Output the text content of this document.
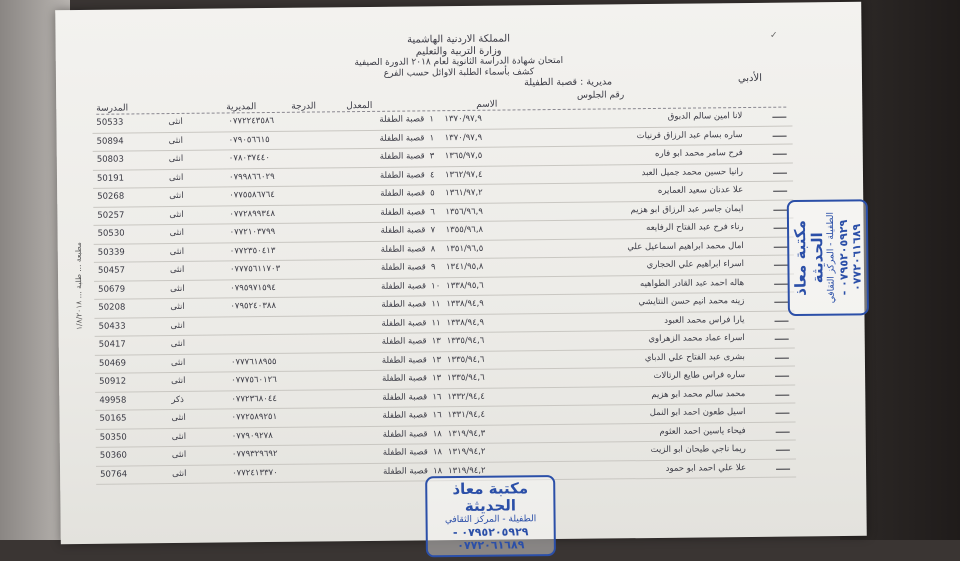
المملكة الاردنية الهاشمية
وزارة التربية والتعليم
امتحان شهادة الدراسة الثانوية لعام ٢٠١٨ الدورة الصيفية
كشف بأسماء الطلبة الاوائل حسب الفرع
✓
الأدبي
مديرية : قصبة الطفيلة
رقم الجلوس
المدرسة	المديرية	الدرجة	المعدل	الاسم
50533	انثى	٠٧٧٢٢٤٣٥٨٦	قصبة الطفلة ١ ١٣٧٠/٩٧,٩	لانا امين سالم الدبوق
50894	انثى	٠٧٩٠٥٦٦١٥	قصبة الطفلة ١ ١٣٧٠/٩٧,٩	ساره بسام عبد الرزاق قرنيات
50803	انثى	٠٧٨٠٣٧٤٤٠	قصبة الطفلة ٣ ١٣٦٥/٩٧,٥	فرح سامر محمد ابو فاره
50191	انثى	٠٧٩٩٨٦٦٠٢٩	قصبة الطفلة ٤ ١٣٦٢/٩٧,٤	رانيا حسين محمد جميل العبد
50268	انثى	٠٧٧٥٥٨٦٧٦٤	قصبة الطفلة ٥ ١٣٦١/٩٧,٢	علا عدنان سعيد العمايره
50257	انثى	٠٧٧٢٨٩٩٣٤٨	قصبة الطفلة ٦ ١٣٥٦/٩٦,٩	ايمان جاسر عبد الرزاق ابو هزيم
50530	انثى	٠٧٧٢١٠٣٧٩٩	قصبة الطفلة ٧ ١٣٥٥/٩٦,٨	رناء فرح عبد الفتاح الرفايعه
50339	انثى	٠٧٧٢٣٥٠٤١٣	قصبة الطفلة ٨ ١٣٥١/٩٦,٥	امال محمد ابراهيم اسماعيل علي
50457	انثى	٠٧٧٧٥٦١١٧٠٣	قصبة الطفلة ٩ ١٣٤١/٩٥,٨	اسراء ابراهيم علي الحجاري
50679	انثى	٠٧٩٥٩٧١٥٩٤	قصبة الطفلة ١٠ ١٣٣٨/٩٥,٦	هاله احمد عبد القادر الطواهيه
50208	انثى	٠٧٩٥٢٤٠٣٨٨	قصبة الطفلة ١١ ١٣٣٨/٩٤,٩	زينه محمد انيم حسن النتايشي
50433	انثى	قصبة الطفلة ١١ ١٣٣٨/٩٤,٩	يارا فراس محمد العبود
50417	انثى	قصبة الطفلة ١٣ ١٣٣٥/٩٤,٦	اسراء عماد محمد الزهراوي
50469	انثى	٠٧٧٧٦١٨٩٥٥	قصبة الطفلة ١٣ ١٣٣٥/٩٤,٦	بشرى عبد الفتاح علي الدباي
50912	انثى	٠٧٧٧٥٦٠١٢٦	قصبة الطفلة ١٣ ١٣٣٥/٩٤,٦	ساره فراس طايع الرتالات
49958	ذكر	٠٧٧٢٣٦٨٠٤٤	قصبة الطفلة ١٦ ١٣٣٢/٩٤,٤	محمد سالم محمد ابو هزيم
50165	انثى	٠٧٧٢٥٨٩٢٥١	قصبة الطفلة ١٦ ١٣٣١/٩٤,٤	اسيل طعون احمد ابو النمل
50350	انثى	٠٧٧٩٠٩٢٧٨	قصبة الطفلة ١٨ ١٣١٩/٩٤,٣	فيحاء ياسين احمد العثوم
50360	انثى	٠٧٧٩٣٢٩٦٩٢	قصبة الطفلة ١٨ ١٣١٩/٩٤,٢	ريما ناجي طيحان ابو الزيت
50764	انثى	٠٧٧٢٤١٣٣٧٠	قصبة الطفلة ١٨ ١٣١٩/٩٤,٢	علا علي احمد ابو حمود
مطبعة ... طلبة ... ١/٨/٢٠١٨
مكتبة معاذ الحديثة
الطفيلة - المركز الثقافي
٠٧٩٥٢٠٥٩٢٩ - ٠٧٧٢٠٦١٦٨٩
مكتبة معاذ الحديثة الطفيلة - المركز الثقافي ٠٧٩٥٢٠٥٩٢٩ - ٠٧٧٢٠٦١٦٨٩
